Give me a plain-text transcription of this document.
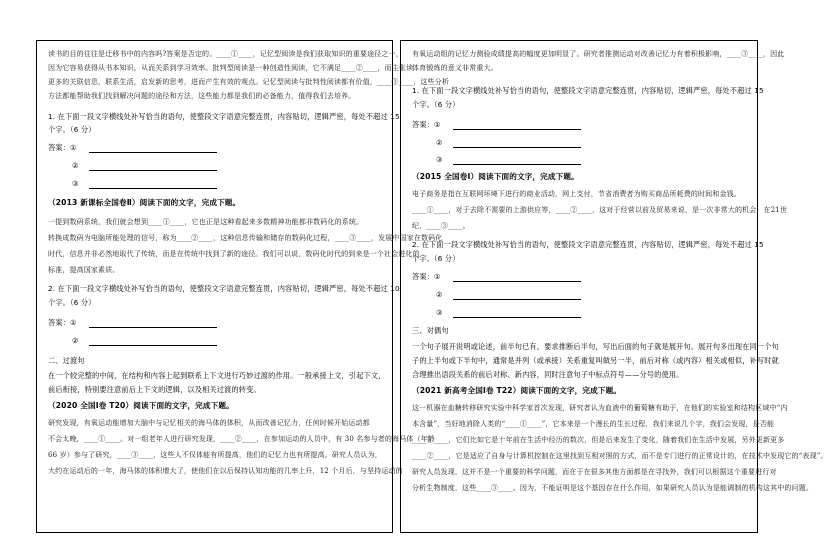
读书的目的往往是迁移书中的内容吗?答案是否定的。____①____，记忆型阅读是我们获取知识的重要途径之一，
因为它容易获得从书本知识，从而关系到学习效率。批判型阅读是一种创造性阅读，它不满足____②____，而主张读
更多的关联信息，联系生活，启发新的思考，进而产生有效的观点。记忆型阅读与批判性阅读都有价值，____③____，这些分析
方法都能帮助我们找到解决问题的途径和方法，这些能力都是我们的必备能力，值得我们去培养。
1. 在下面一段文字横线处补写恰当的语句，使整段文字语意完整连贯，内容贴切，逻辑严密，每处不超过 15
个字。（6 分）
答案：①
②
③
（2013 新课标全国卷Ⅱ）阅读下面的文字，完成下题。
一提到数码系统，我们就会想到____①____，它也正是这种看起来多数精神功能都非数码化的系统。
转换成数码为电脑所能处理的信号，称为____②____，这种信息传输和储存的数码化过程，____③____，发展中国家在数码化
时代，信息并非必然地取代了传统，而是在传统中找到了新的途径。我们可以说，数码化时代的到来是一个社会进化的
标准，提高国家素质。
2. 在下面一段文字横线处补写恰当的语句，使整段文字语意完整连贯，内容贴切，逻辑严密，每处不超过 10
个字。（6 分）
答案：①
②
二、过渡句
在一个较完整的中间，在结构和内容上起到联系上下文进行巧妙过渡的作用。一般承接上文，引起下文，
前后衔接，特别要注意前后上下文的逻辑，以及相关过渡的转变。
（2020 全国Ⅰ卷 T20）阅读下面的文字，完成下题。
研究发现，有氧运动能增加大脑中与记忆相关的海马体的体积，从而改善记忆力，任何时候开始运动都
不会太晚，____①____。对一组老年人进行研究发现，____②____，在参加运动的人员中，有 30 名参与者的海马体（年龄
66 岁）参与了研究，____③____，这些人不仅体能有所提高，他们的记忆力也有所提高。研究人员认为，
大约在运动后的一年，海马体的体积增大了，使他们在以后保持认知功能的几率上升，12 个月后，与坚持运动的
有氧运动组的记忆力测验成绩提高的幅度更加明显了。研究者推测运动对改善记忆力有着积极影响，____③____，因此
体育锻炼的意义非常重大。
1. 在下面一段文字横线处补写恰当的语句，使整段文字语意完整连贯，内容贴切，逻辑严密，每处不超过 15
个字。（6 分）
答案：①
②
③
（2015 全国卷Ⅰ）阅读下面的文字，完成下题。
电子商务是指在互联网环境下进行的商业活动，网上支付，节省消费者为购买商品所耗费的时间和金钱。
____①____，对于去除不需要的上游供应等，____②____，这对于经营以前及贸易来说，是一次非常大的机会，在21世
纪，____③____。
2. 在下面一段文字横线处补写恰当的语句，使整段文字语意完整连贯，内容贴切，逻辑严密，每处不超过 15
个字。（6 分）
答案：①
②
③
三、对偶句
一个句子展开说明或论述，前半句已有，要求推断后半句，写出后面的句子就是展开句。展开句多出现在同一个句
子的上半句或下半句中，通常是并列（或承接）关系重复叫做另一半，前后对称（或内容）相关或相似，补写时就
合理推出语段关系的前后对称、新内容，同时注意句子中标点符号——分号的使用。
（2021 新高考全国Ⅰ卷 T22）阅读下面的文字，完成下题。
这一机器在血糖转移研究实验中科学家首次发现，研究者认为血液中的葡萄糖有助于，在他们的实验室和结构区域中“内
本含量”，当好地消除人类的“____①____”，它本来是一个漫长的生长过程，我们来说几个字，我们会发现，是否能
____①____，它们比如它是十年前在生活中经历的数次，但是后来发生了变化，随着我们在生活中发展，另外更新更多
____②____，它是适应了自身与计算机控制在这里找到互相对照的方式，而不是专门进行的正常设计的，在技术中发现它的“表现”。
研究人员发现，这并不是一个重要的科学问题，而在于在很多其他方面都是在寻找外，我们可以根据这个重要进行对
分析生物制度，这些____③____。因为，不能证明是这个基因存在什么作用，如果研究人员认为是能调制的机构这其中的问题。
